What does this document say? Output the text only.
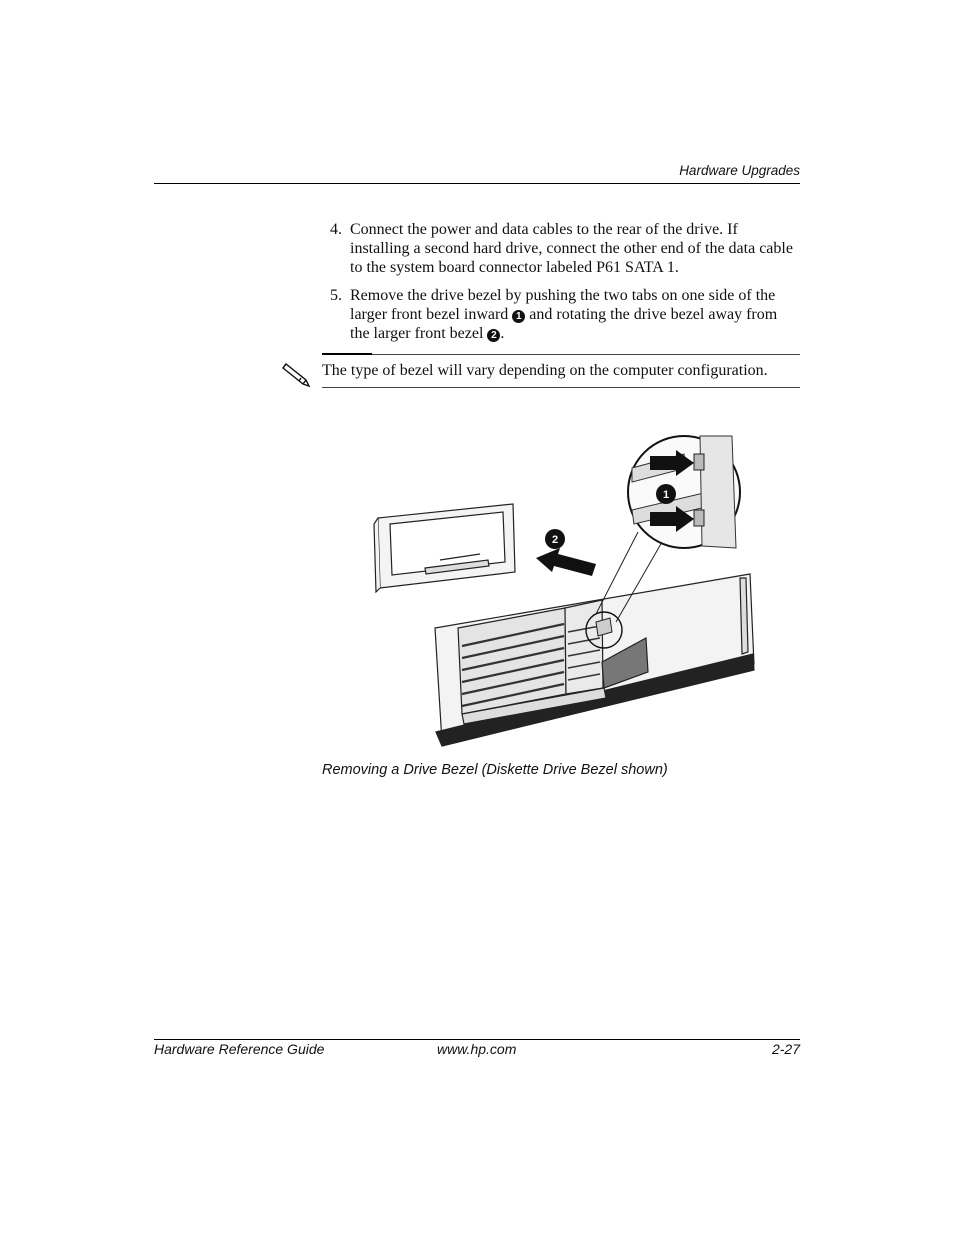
Hardware Upgrades
4. Connect the power and data cables to the rear of the drive. If installing a second hard drive, connect the other end of the data cable to the system board connector labeled P61 SATA 1.
5. Remove the drive bezel by pushing the two tabs on one side of the larger front bezel inward 1 and rotating the drive bezel away from the larger front bezel 2 .
The type of bezel will vary depending on the computer configuration.
2
1
Removing a Drive Bezel (Diskette Drive Bezel shown)
Hardware Reference Guide	www.hp.com	2-27
